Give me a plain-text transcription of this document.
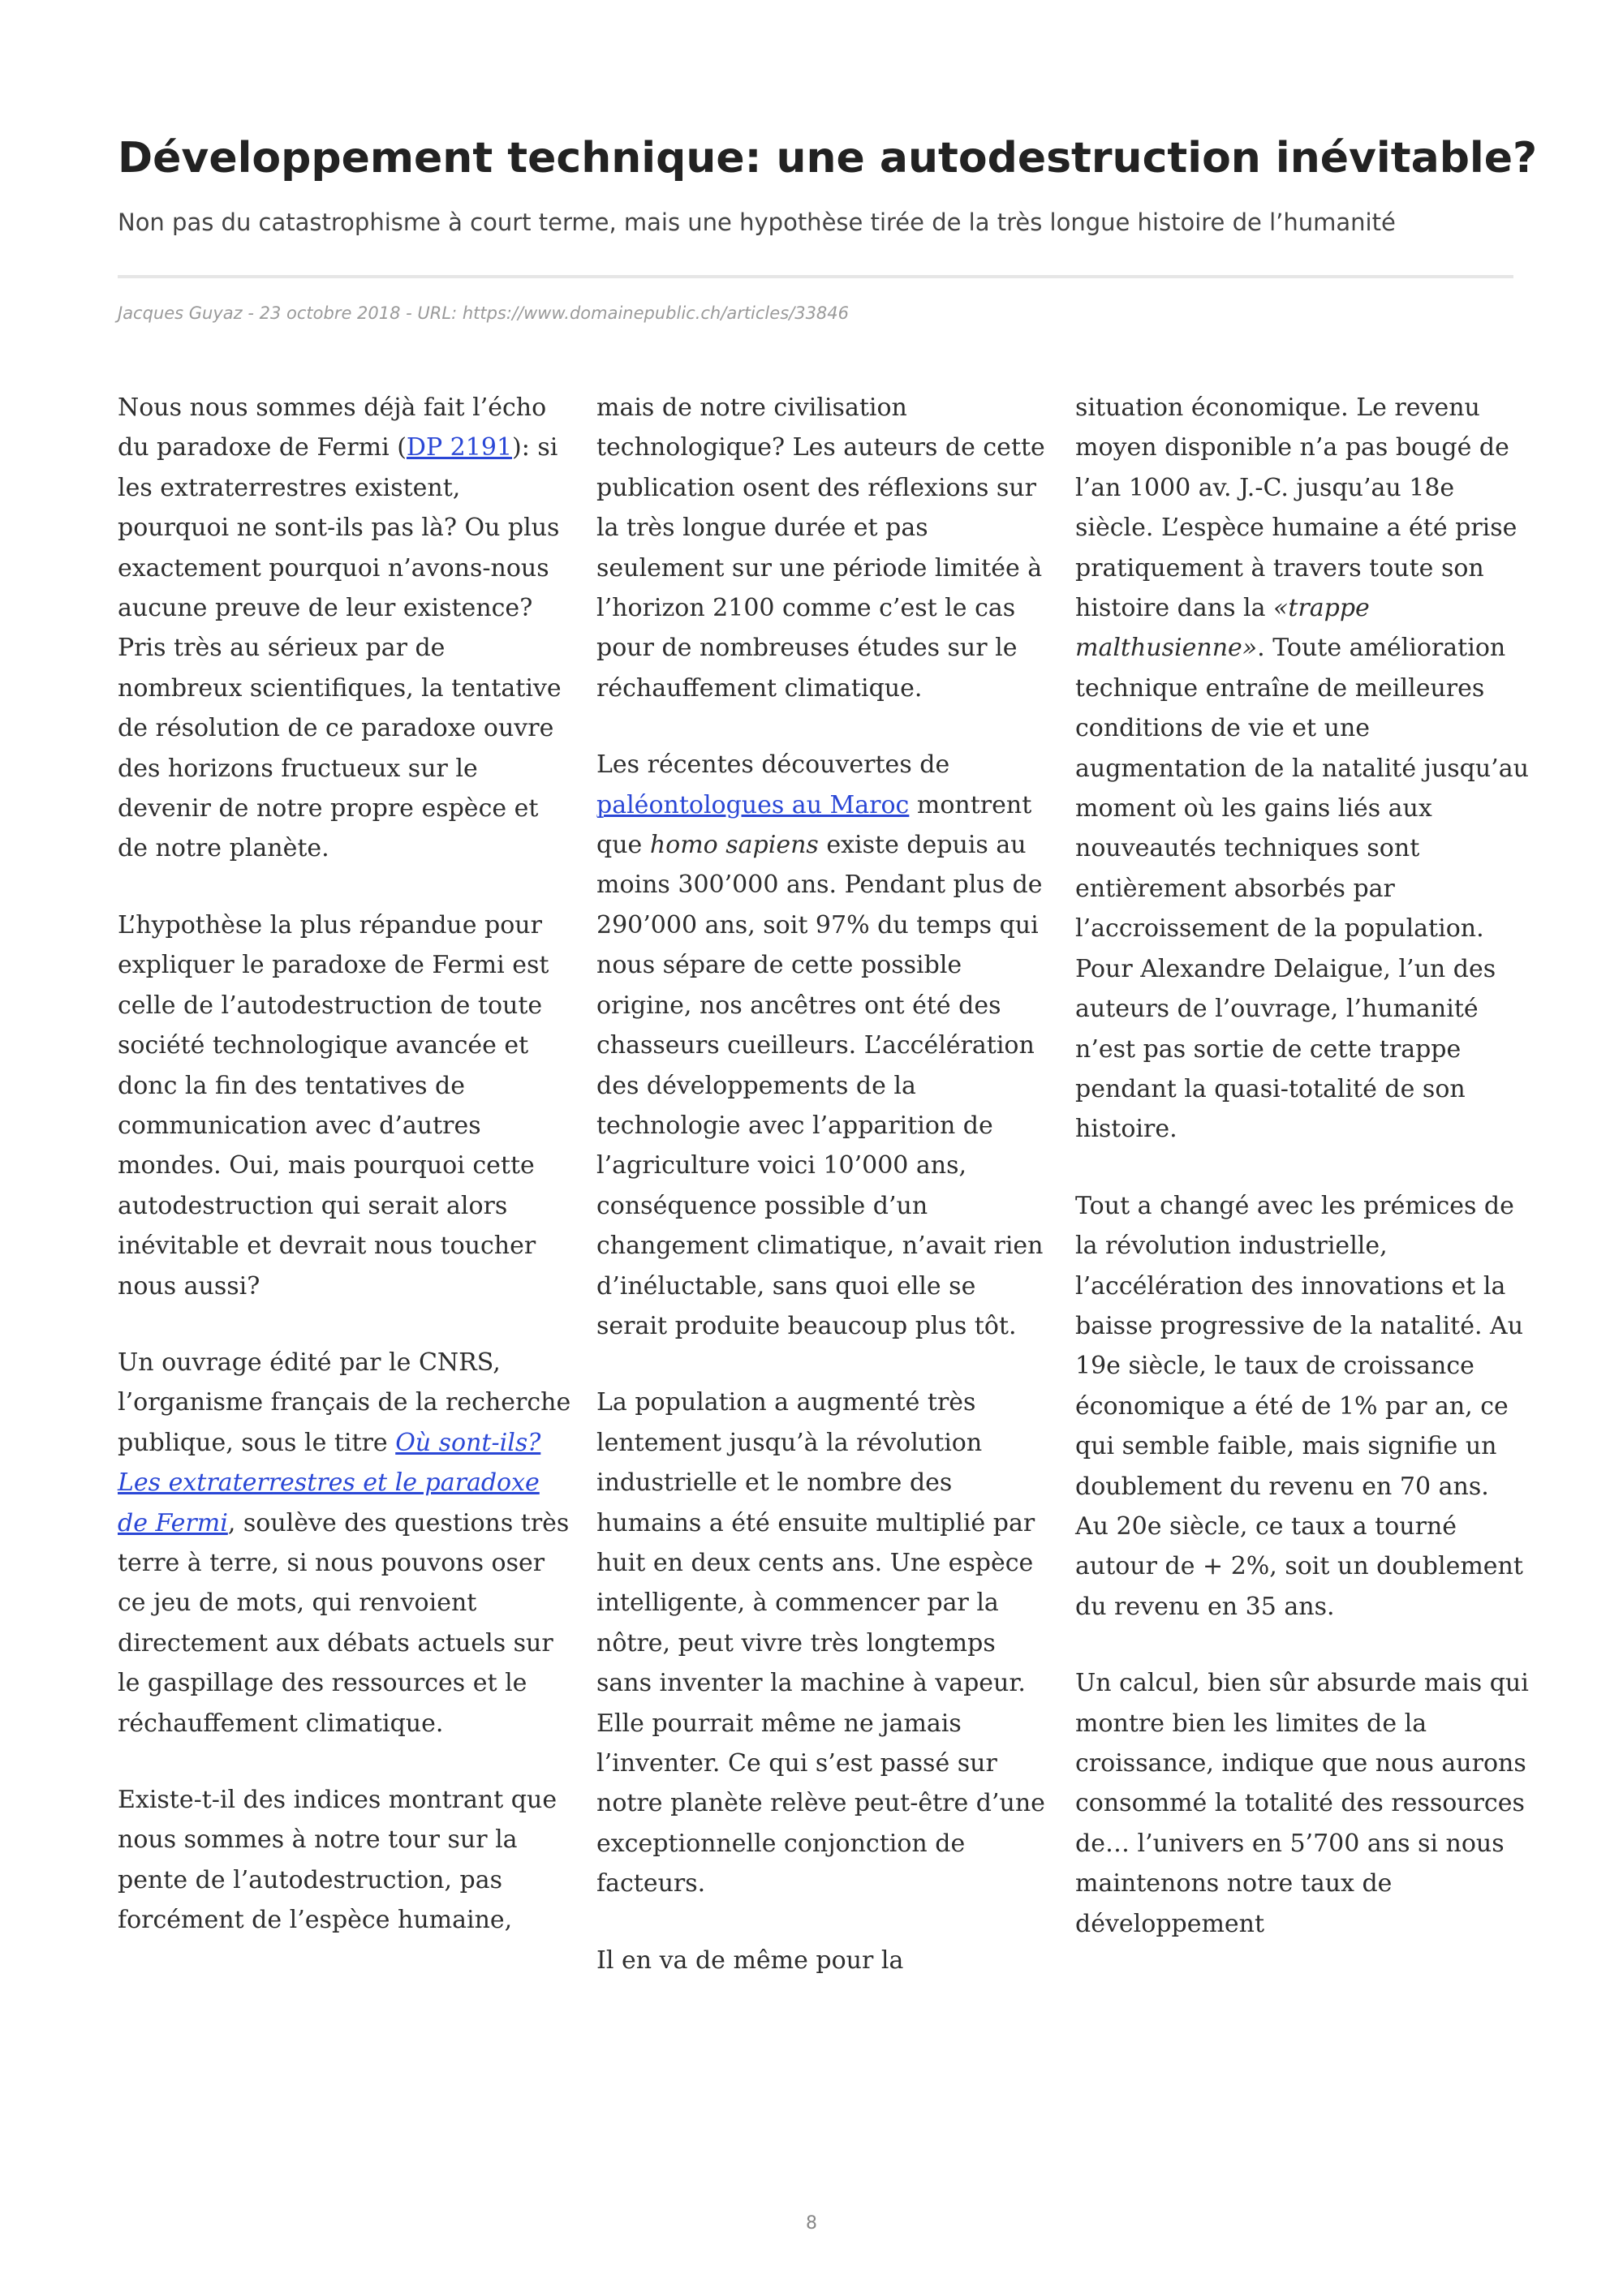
Développement technique: une autodestruction inévitable?

Non pas du catastrophisme à court terme, mais une hypothèse tirée de la très longue histoire de l’humanité

Jacques Guyaz - 23 octobre 2018 - URL: https://www.domainepublic.ch/articles/33846

Nous nous sommes déjà fait l’écho du paradoxe de Fermi (DP 2191): si les extraterrestres existent, pourquoi ne sont-ils pas là? Ou plus exactement pourquoi n’avons-nous aucune preuve de leur existence? Pris très au sérieux par de nombreux scientifiques, la tentative de résolution de ce paradoxe ouvre des horizons fructueux sur le devenir de notre propre espèce et de notre planète.

L’hypothèse la plus répandue pour expliquer le paradoxe de Fermi est celle de l’autodestruction de toute société technologique avancée et donc la fin des tentatives de communication avec d’autres mondes. Oui, mais pourquoi cette autodestruction qui serait alors inévitable et devrait nous toucher nous aussi?

Un ouvrage édité par le CNRS, l’organisme français de la recherche publique, sous le titre Où sont-ils? Les extraterrestres et le paradoxe de Fermi, soulève des questions très terre à terre, si nous pouvons oser ce jeu de mots, qui renvoient directement aux débats actuels sur le gaspillage des ressources et le réchauffement climatique.

Existe-t-il des indices montrant que nous sommes à notre tour sur la pente de l’autodestruction, pas forcément de l’espèce humaine,

mais de notre civilisation technologique? Les auteurs de cette publication osent des réflexions sur la très longue durée et pas seulement sur une période limitée à l’horizon 2100 comme c’est le cas pour de nombreuses études sur le réchauffement climatique.

Les récentes découvertes de paléontologues au Maroc montrent que homo sapiens existe depuis au moins 300’000 ans. Pendant plus de 290’000 ans, soit 97% du temps qui nous sépare de cette possible origine, nos ancêtres ont été des chasseurs cueilleurs. L’accélération des développements de la technologie avec l’apparition de l’agriculture voici 10’000 ans, conséquence possible d’un changement climatique, n’avait rien d’inéluctable, sans quoi elle se serait produite beaucoup plus tôt.

La population a augmenté très lentement jusqu’à la révolution industrielle et le nombre des humains a été ensuite multiplié par huit en deux cents ans. Une espèce intelligente, à commencer par la nôtre, peut vivre très longtemps sans inventer la machine à vapeur. Elle pourrait même ne jamais l’inventer. Ce qui s’est passé sur notre planète relève peut-être d’une exceptionnelle conjonction de facteurs.

Il en va de même pour la

situation économique. Le revenu moyen disponible n’a pas bougé de l’an 1000 av. J.-C. jusqu’au 18e siècle. L’espèce humaine a été prise pratiquement à travers toute son histoire dans la «trappe malthusienne». Toute amélioration technique entraîne de meilleures conditions de vie et une augmentation de la natalité jusqu’au moment où les gains liés aux nouveautés techniques sont entièrement absorbés par l’accroissement de la population. Pour Alexandre Delaigue, l’un des auteurs de l’ouvrage, l’humanité n’est pas sortie de cette trappe pendant la quasi-totalité de son histoire.

Tout a changé avec les prémices de la révolution industrielle, l’accélération des innovations et la baisse progressive de la natalité. Au 19e siècle, le taux de croissance économique a été de 1% par an, ce qui semble faible, mais signifie un doublement du revenu en 70 ans. Au 20e siècle, ce taux a tourné autour de + 2%, soit un doublement du revenu en 35 ans.

Un calcul, bien sûr absurde mais qui montre bien les limites de la croissance, indique que nous aurons consommé la totalité des ressources de… l’univers en 5’700 ans si nous maintenons notre taux de développement

8
